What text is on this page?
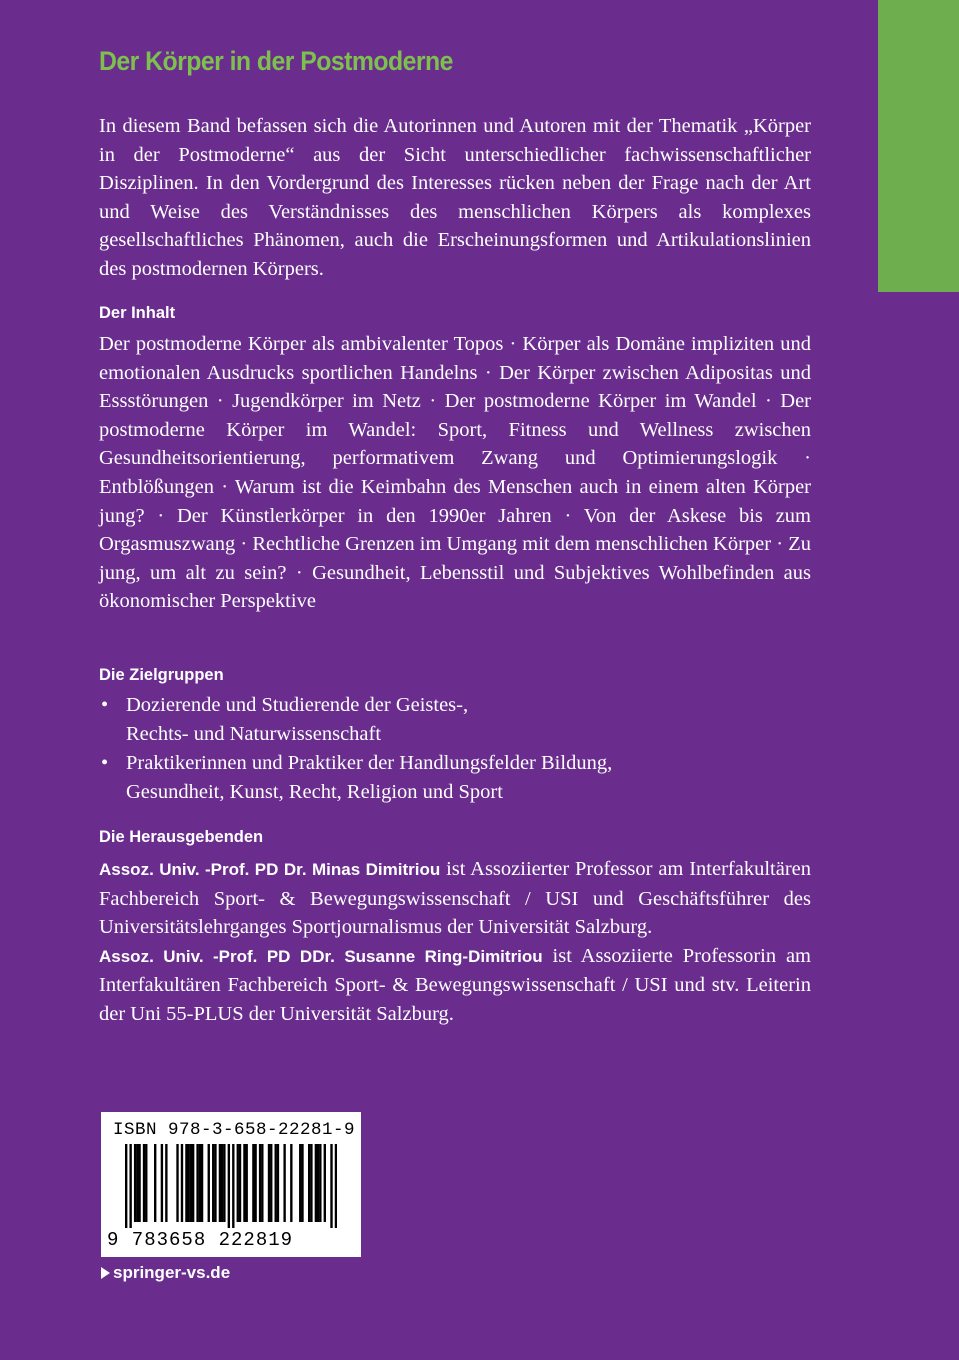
Der Körper in der Postmoderne
In diesem Band befassen sich die Autorinnen und Autoren mit der Thematik „Körper in der Postmoderne“ aus der Sicht unterschiedlicher fachwissenschaftlicher Disziplinen. In den Vordergrund des Interesses rücken neben der Frage nach der Art und Weise des Verständnisses des menschlichen Körpers als komplexes gesellschaftliches Phänomen, auch die Erscheinungsformen und Artikulationslinien des postmodernen Körpers.
Der Inhalt
Der postmoderne Körper als ambivalenter Topos · Körper als Domäne impliziten und emotionalen Ausdrucks sportlichen Handelns · Der Körper zwischen Adipositas und Essstörungen · Jugendkörper im Netz · Der postmoderne Körper im Wandel · Der postmoderne Körper im Wandel: Sport, Fitness und Wellness zwischen Gesundheitsorientierung, performativem Zwang und Optimierungslogik · Entblößungen · Warum ist die Keimbahn des Menschen auch in einem alten Körper jung? · Der Künstlerkörper in den 1990er Jahren · Von der Askese bis zum Orgasmuszwang · Rechtliche Grenzen im Umgang mit dem menschlichen Körper · Zu jung, um alt zu sein? · Gesundheit, Lebensstil und Subjektives Wohlbefinden aus ökonomischer Perspektive
Die Zielgruppen
• Dozierende und Studierende der Geistes-,
Rechts- und Naturwissenschaft
• Praktikerinnen und Praktiker der Handlungsfelder Bildung,
Gesundheit, Kunst, Recht, Religion und Sport
Die Herausgebenden
Assoz. Univ. -Prof. PD Dr. Minas Dimitriou ist Assoziierter Professor am Interfakultären Fachbereich Sport- & Bewegungswissenschaft / USI und Geschäftsführer des Universitätslehrganges Sportjournalismus der Universität Salzburg.
Assoz. Univ. -Prof. PD DDr. Susanne Ring-Dimitriou ist Assoziierte Professorin am Interfakultären Fachbereich Sport- & Bewegungswissenschaft / USI und stv. Leiterin der Uni 55-PLUS der Universität Salzburg.
ISBN 978-3-658-22281-9
9 783658 222819
springer-vs.de
